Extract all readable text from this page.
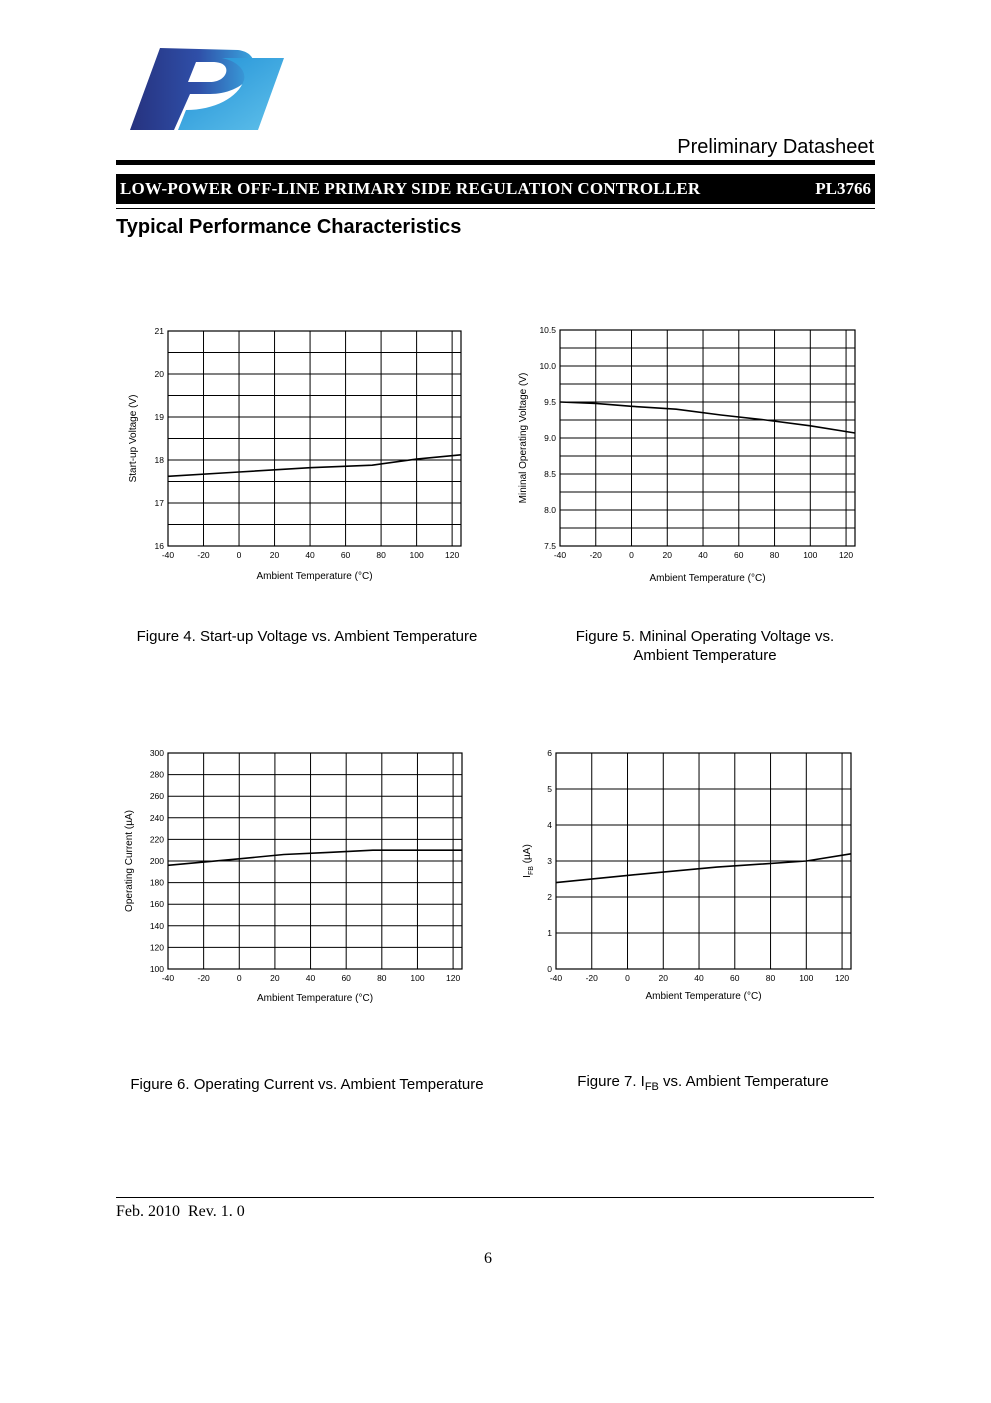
Preliminary Datasheet
LOW-POWER OFF-LINE PRIMARY SIDE REGULATION CONTROLLER	PL3766
Typical Performance Characteristics
-40	-20	0	20	40	60	80	100	120
16
17
18
19
20
21
Ambient Temperature (°C)
Start-up Voltage (V)
Figure 4. Start-up Voltage vs. Ambient Temperature
-40	-20	0	20	40	60	80	100	120
7.5
8.0
8.5
9.0
9.5
10.0
10.5
Ambient Temperature (°C)
Mininal Operating Voltage (V)
Figure 5. Mininal Operating Voltage vs.
Ambient Temperature
-40	-20	0	20	40	60	80	100	120
100
120
140
160
180
200
220
240
260
280
300
Ambient Temperature (°C)
Operating Current (µA)
Figure 6. Operating Current vs. Ambient Temperature
-40	-20	0	20	40	60	80	100	120
0
1
2
3
4
5
6
Ambient Temperature (°C)
$I_{FB}$ (µA)
Figure 7. $I_{FB}$ vs. Ambient Temperature
Feb. 2010  Rev. 1. 0
6
